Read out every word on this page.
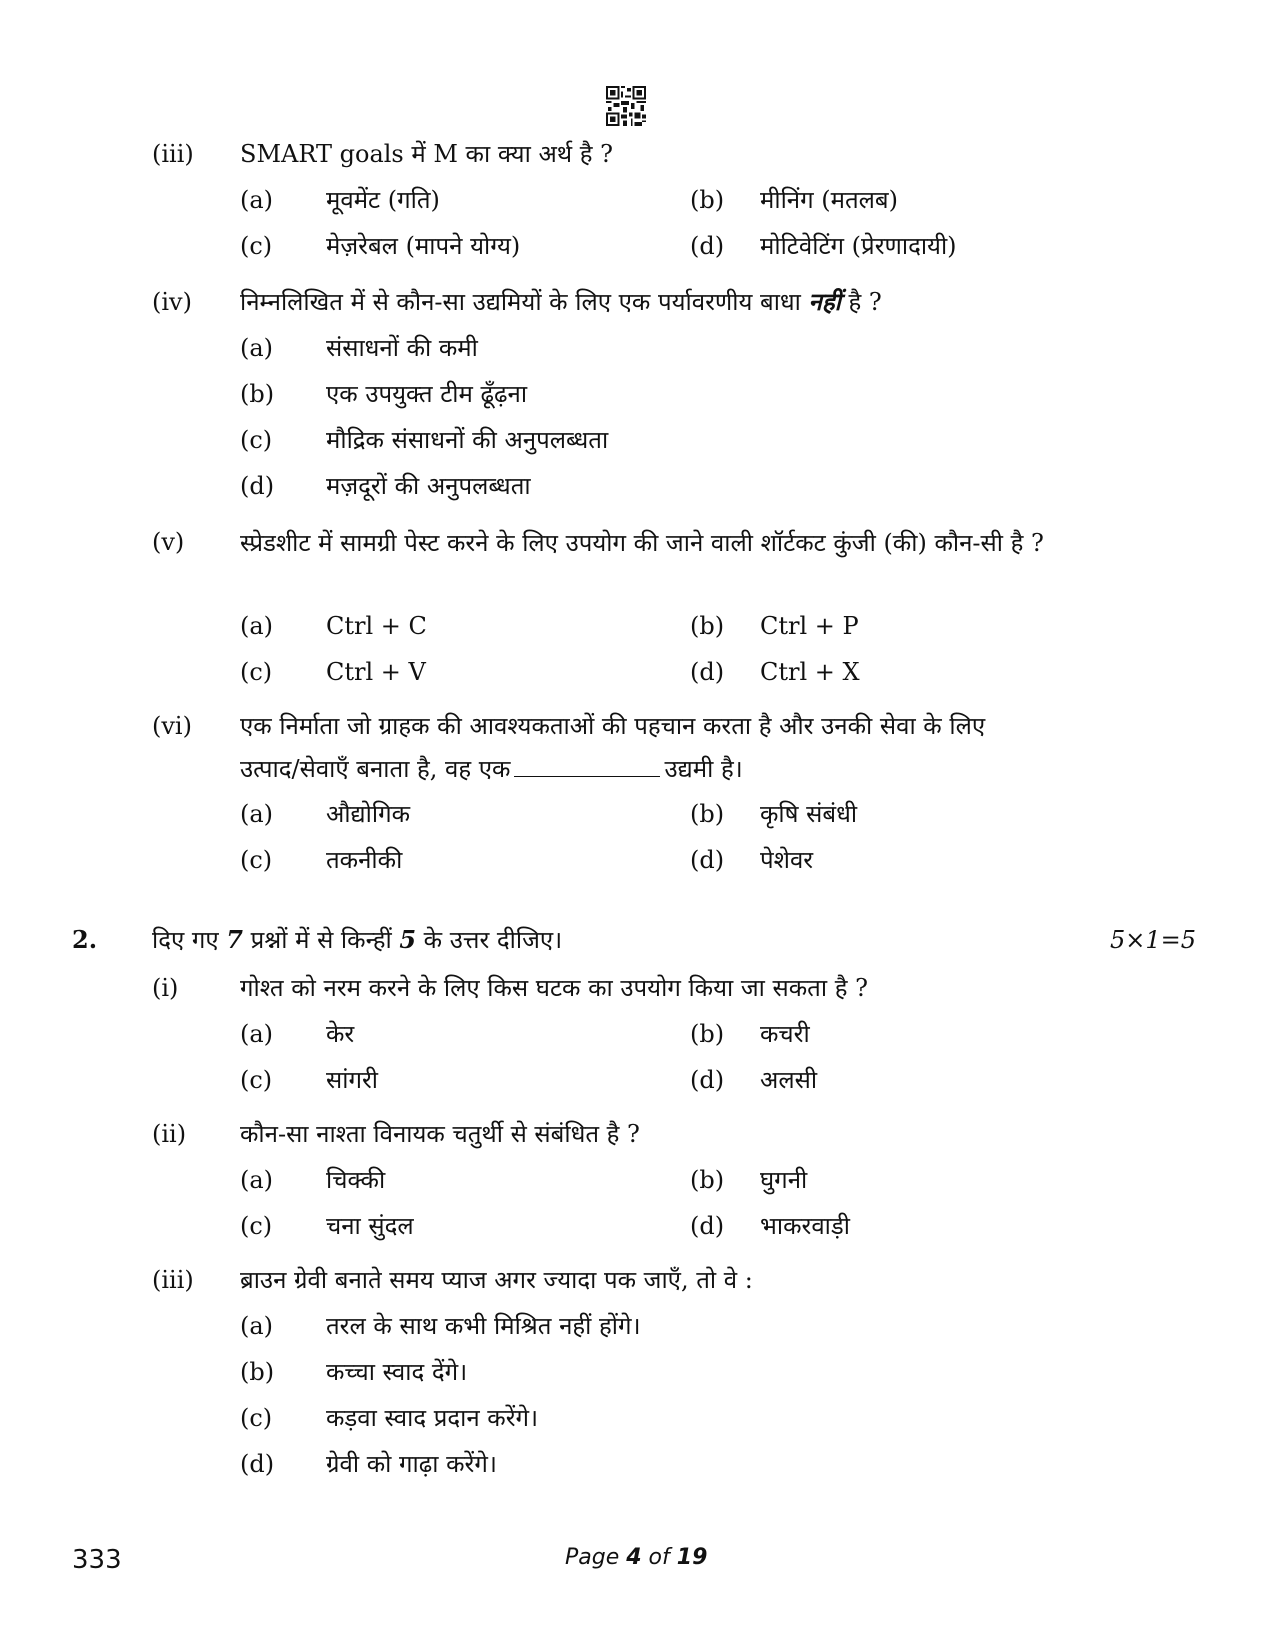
(iii) SMART goals में M का क्या अर्थ है ?
(a) मूवमेंट (गति)	(b) मीनिंग (मतलब)
(c) मेज़रेबल (मापने योग्य)	(d) मोटिवेटिंग (प्रेरणादायी)
(iv) निम्नलिखित में से कौन-सा उद्यमियों के लिए एक पर्यावरणीय बाधा नहीं है ?
(a) संसाधनों की कमी
(b) एक उपयुक्त टीम ढूँढ़ना
(c) मौद्रिक संसाधनों की अनुपलब्धता
(d) मज़दूरों की अनुपलब्धता
(v) स्प्रेडशीट में सामग्री पेस्ट करने के लिए उपयोग की जाने वाली शॉर्टकट कुंजी (की) कौन-सी है ?
(a) Ctrl + C	(b) Ctrl + P
(c) Ctrl + V	(d) Ctrl + X
(vi) एक निर्माता जो ग्राहक की आवश्यकताओं की पहचान करता है और उनकी सेवा के लिए
उत्पाद/सेवाएँ बनाता है, वह एक	उद्यमी है।
(a) औद्योगिक	(b) कृषि संबंधी
(c) तकनीकी	(d) पेशेवर
2. दिए गए 7 प्रश्नों में से किन्हीं 5 के उत्तर दीजिए।	5×1=5
(i)	गोश्त को नरम करने के लिए किस घटक का उपयोग किया जा सकता है ?
(a) केर	(b) कचरी
(c) सांगरी	(d) अलसी
(ii) कौन-सा नाश्ता विनायक चतुर्थी से संबंधित है ?
(a) चिक्की	(b) घुगनी
(c) चना सुंदल	(d) भाकरवाड़ी
(iii) ब्राउन ग्रेवी बनाते समय प्याज अगर ज्यादा पक जाएँ, तो वे :
(a) तरल के साथ कभी मिश्रित नहीं होंगे।
(b) कच्चा स्वाद देंगे।
(c) कड़वा स्वाद प्रदान करेंगे।
(d) ग्रेवी को गाढ़ा करेंगे।
333	Page 4 of 19
